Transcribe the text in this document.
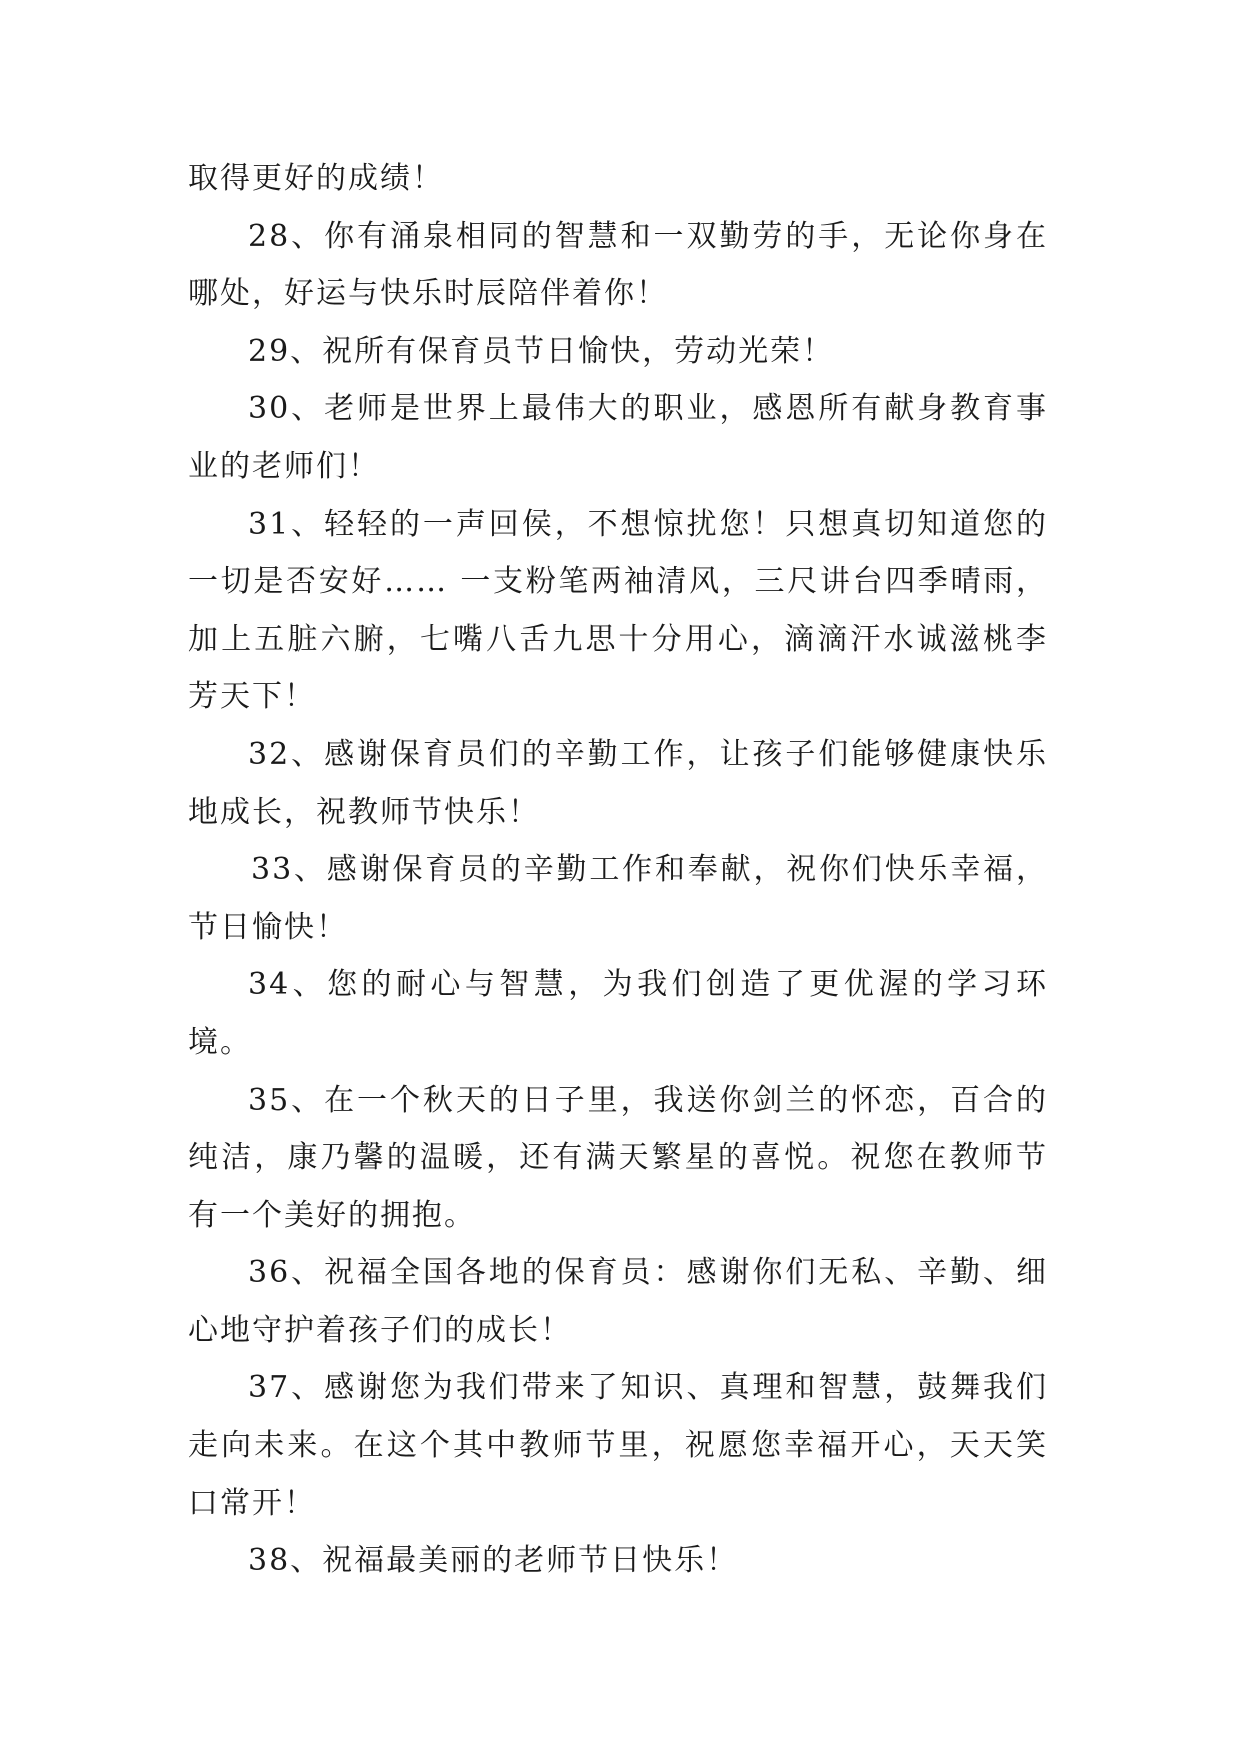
取得更好的成绩！

28、你有涌泉相同的智慧和一双勤劳的手，无论你身在哪处，好运与快乐时辰陪伴着你！

29、祝所有保育员节日愉快，劳动光荣！

30、老师是世界上最伟大的职业，感恩所有献身教育事业的老师们！

31、轻轻的一声回侯，不想惊扰您！只想真切知道您的一切是否安好…… 一支粉笔两袖清风，三尺讲台四季晴雨，加上五脏六腑，七嘴八舌九思十分用心，滴滴汗水诚滋桃李芳天下！

32、感谢保育员们的辛勤工作，让孩子们能够健康快乐地成长，祝教师节快乐！

33、感谢保育员的辛勤工作和奉献，祝你们快乐幸福，节日愉快！

34、您的耐心与智慧，为我们创造了更优渥的学习环境。

35、在一个秋天的日子里，我送你剑兰的怀恋，百合的纯洁，康乃馨的温暖，还有满天繁星的喜悦。祝您在教师节有一个美好的拥抱。

36、祝福全国各地的保育员：感谢你们无私、辛勤、细心地守护着孩子们的成长！

37、感谢您为我们带来了知识、真理和智慧，鼓舞我们走向未来。在这个其中教师节里，祝愿您幸福开心，天天笑口常开！

38、祝福最美丽的老师节日快乐！
